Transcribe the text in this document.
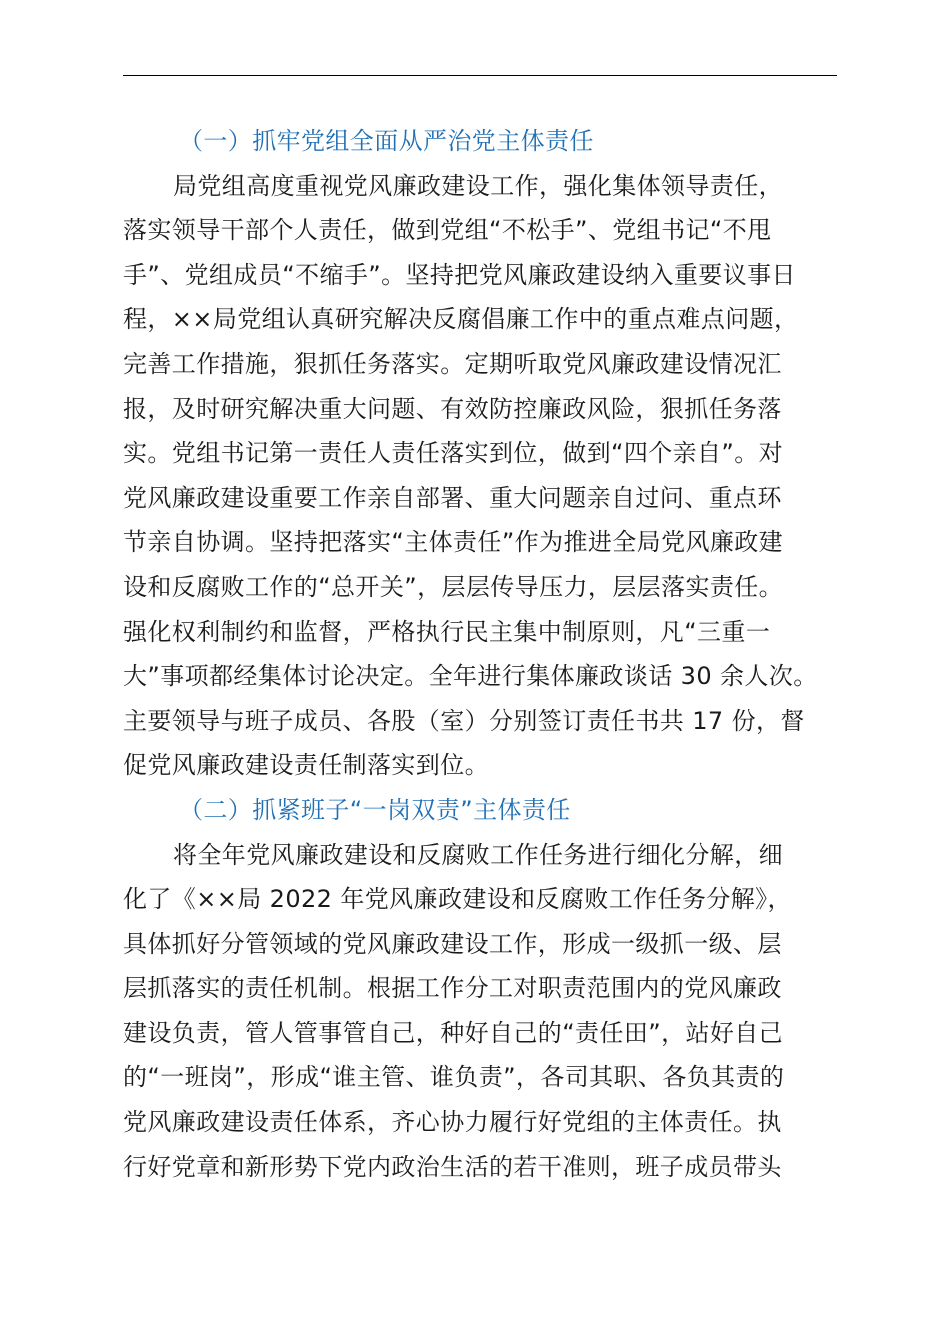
（一）抓牢党组全面从严治党主体责任
局党组高度重视党风廉政建设工作，强化集体领导责任，
落实领导干部个人责任，做到党组“不松手”、党组书记“不甩
手”、党组成员“不缩手”。坚持把党风廉政建设纳入重要议事日
程，××局党组认真研究解决反腐倡廉工作中的重点难点问题，
完善工作措施，狠抓任务落实。定期听取党风廉政建设情况汇
报，及时研究解决重大问题、有效防控廉政风险，狠抓任务落
实。党组书记第一责任人责任落实到位，做到“四个亲自”。对
党风廉政建设重要工作亲自部署、重大问题亲自过问、重点环
节亲自协调。坚持把落实“主体责任”作为推进全局党风廉政建
设和反腐败工作的“总开关”，层层传导压力，层层落实责任。
强化权利制约和监督，严格执行民主集中制原则，凡“三重一
大”事项都经集体讨论决定。全年进行集体廉政谈话 30 余人次。
主要领导与班子成员、各股（室）分别签订责任书共 17 份，督
促党风廉政建设责任制落实到位。
（二）抓紧班子“一岗双责”主体责任
将全年党风廉政建设和反腐败工作任务进行细化分解，细
化了《××局 2022 年党风廉政建设和反腐败工作任务分解》，
具体抓好分管领域的党风廉政建设工作，形成一级抓一级、层
层抓落实的责任机制。根据工作分工对职责范围内的党风廉政
建设负责，管人管事管自己，种好自己的“责任田”，站好自己
的“一班岗”，形成“谁主管、谁负责”，各司其职、各负其责的
党风廉政建设责任体系，齐心协力履行好党组的主体责任。执
行好党章和新形势下党内政治生活的若干准则，班子成员带头
